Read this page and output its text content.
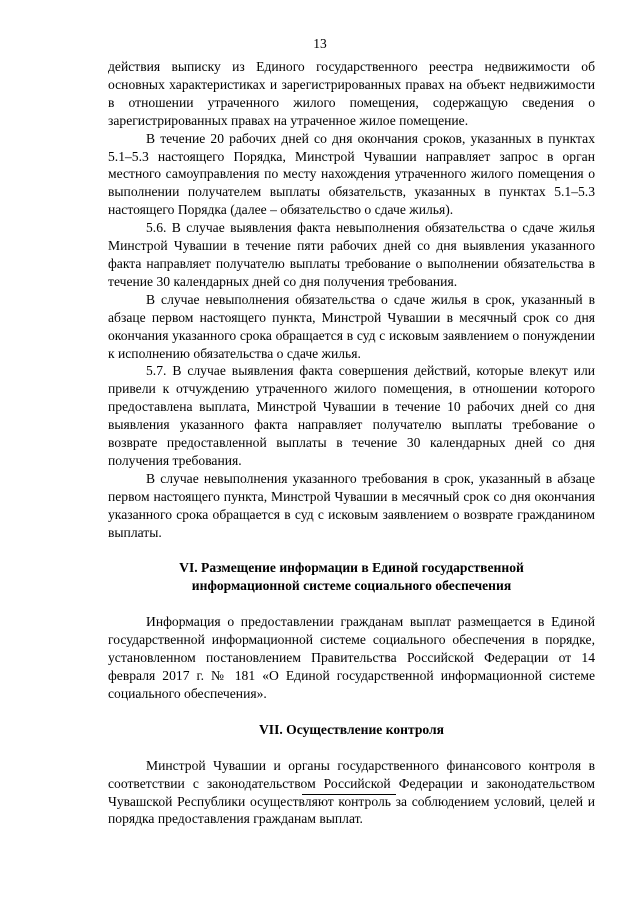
13

действия выписку из Единого государственного реестра недвижимости об основных характеристиках и зарегистрированных правах на объект недвижимости в отношении утраченного жилого помещения, содержащую сведения о зарегистрированных правах на утраченное жилое помещение.

В течение 20 рабочих дней со дня окончания сроков, указанных в пунктах 5.1–5.3 настоящего Порядка, Минстрой Чувашии направляет запрос в орган местного самоуправления по месту нахождения утраченного жилого помещения о выполнении получателем выплаты обязательств, указанных в пунктах 5.1–5.3 настоящего Порядка (далее – обязательство о сдаче жилья).

5.6. В случае выявления факта невыполнения обязательства о сдаче жилья Минстрой Чувашии в течение пяти рабочих дней со дня выявления указанного факта направляет получателю выплаты требование о выполнении обязательства в течение 30 календарных дней со дня получения требования.

В случае невыполнения обязательства о сдаче жилья в срок, указанный в абзаце первом настоящего пункта, Минстрой Чувашии в месячный срок со дня окончания указанного срока обращается в суд с исковым заявлением о понуждении к исполнению обязательства о сдаче жилья.

5.7. В случае выявления факта совершения действий, которые влекут или привели к отчуждению утраченного жилого помещения, в отношении которого предоставлена выплата, Минстрой Чувашии в течение 10 рабочих дней со дня выявления указанного факта направляет получателю выплаты требование о возврате предоставленной выплаты в течение 30 календарных дней со дня получения требования.

В случае невыполнения указанного требования в срок, указанный в абзаце первом настоящего пункта, Минстрой Чувашии в месячный срок со дня окончания указанного срока обращается в суд с исковым заявлением о возврате гражданином выплаты.

VI. Размещение информации в Единой государственной
информационной системе социального обеспечения

Информация о предоставлении гражданам выплат размещается в Единой государственной информационной системе социального обеспечения в порядке, установленном постановлением Правительства Российской Федерации от 14 февраля 2017 г. № 181 «О Единой государственной информационной системе социального обеспечения».

VII. Осуществление контроля

Минстрой Чувашии и органы государственного финансового контроля в соответствии с законодательством Российской Федерации и законодательством Чувашской Республики осуществляют контроль за соблюдением условий, целей и порядка предоставления гражданам выплат.
